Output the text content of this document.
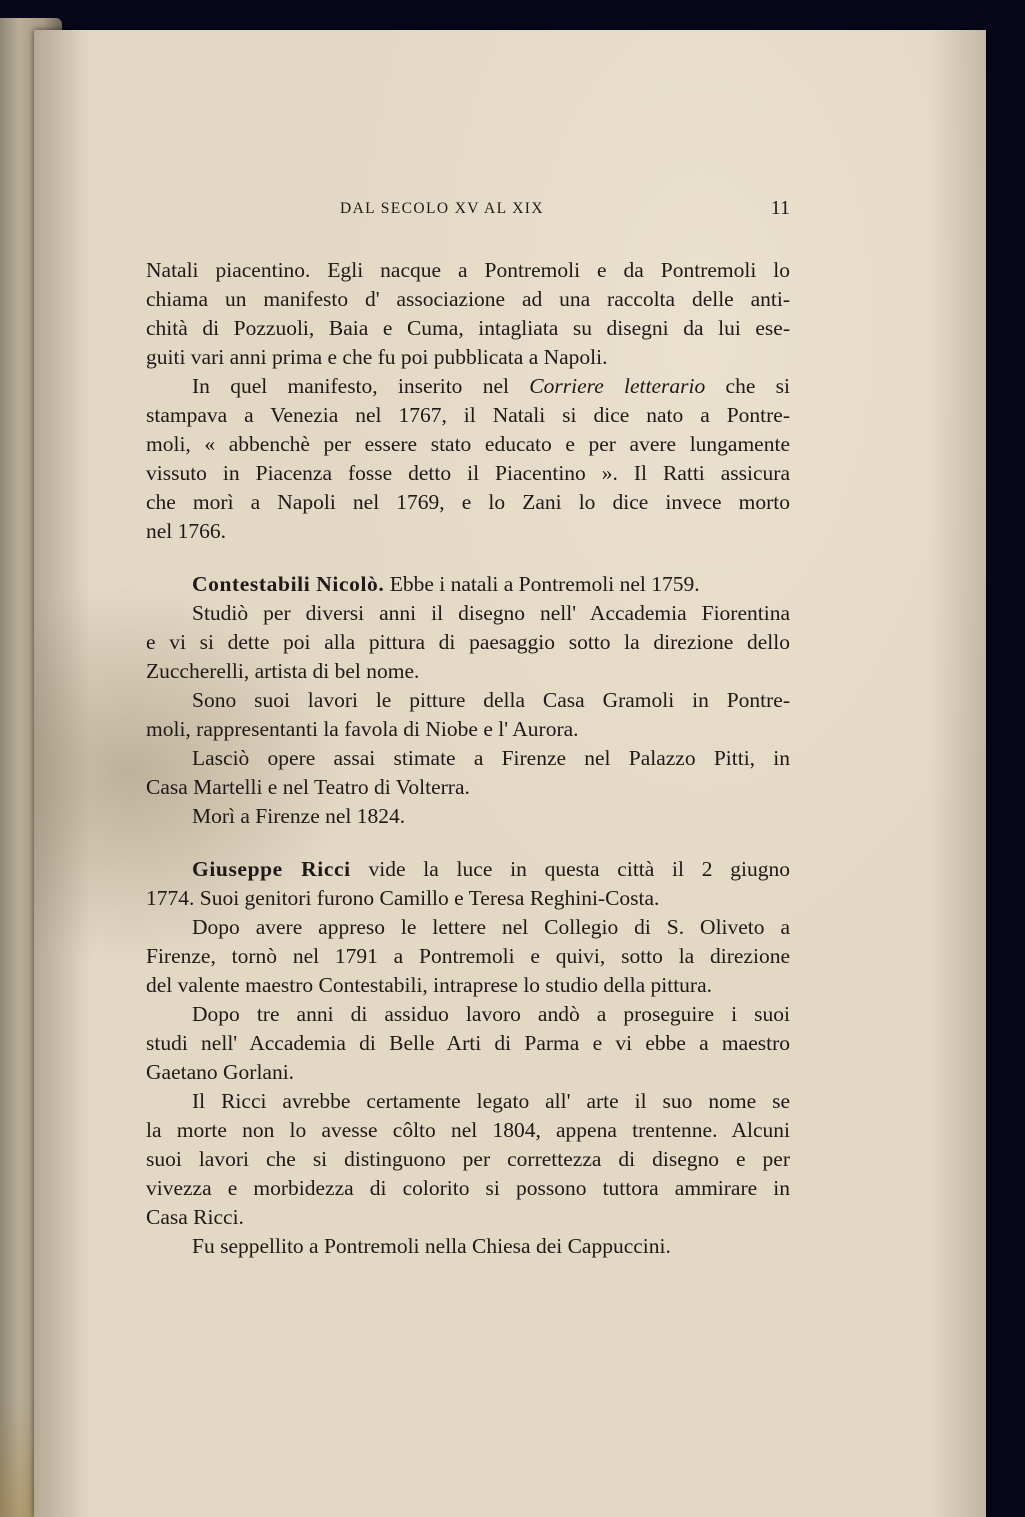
DAL SECOLO XV AL XIX	11
Natali piacentino. Egli nacque a Pontremoli e da Pontremoli lo
chiama un manifesto d' associazione ad una raccolta delle anti-
chità di Pozzuoli, Baia e Cuma, intagliata su disegni da lui ese-
guiti vari anni prima e che fu poi pubblicata a Napoli.
In quel manifesto, inserito nel Corriere letterario che si
stampava a Venezia nel 1767, il Natali si dice nato a Pontre-
moli, « abbenchè per essere stato educato e per avere lungamente
vissuto in Piacenza fosse detto il Piacentino ». Il Ratti assicura
che morì a Napoli nel 1769, e lo Zani lo dice invece morto
nel 1766.
Contestabili Nicolò. Ebbe i natali a Pontremoli nel 1759.
Studiò per diversi anni il disegno nell' Accademia Fiorentina
e vi si dette poi alla pittura di paesaggio sotto la direzione dello
Zuccherelli, artista di bel nome.
Sono suoi lavori le pitture della Casa Gramoli in Pontre-
moli, rappresentanti la favola di Niobe e l' Aurora.
Lasciò opere assai stimate a Firenze nel Palazzo Pitti, in
Casa Martelli e nel Teatro di Volterra.
Morì a Firenze nel 1824.
Giuseppe Ricci vide la luce in questa città il 2 giugno
1774. Suoi genitori furono Camillo e Teresa Reghini-Costa.
Dopo avere appreso le lettere nel Collegio di S. Oliveto a
Firenze, tornò nel 1791 a Pontremoli e quivi, sotto la direzione
del valente maestro Contestabili, intraprese lo studio della pittura.
Dopo tre anni di assiduo lavoro andò a proseguire i suoi
studi nell' Accademia di Belle Arti di Parma e vi ebbe a maestro
Gaetano Gorlani.
Il Ricci avrebbe certamente legato all' arte il suo nome se
la morte non lo avesse côlto nel 1804, appena trentenne. Alcuni
suoi lavori che si distinguono per correttezza di disegno e per
vivezza e morbidezza di colorito si possono tuttora ammirare in
Casa Ricci.
Fu seppellito a Pontremoli nella Chiesa dei Cappuccini.
